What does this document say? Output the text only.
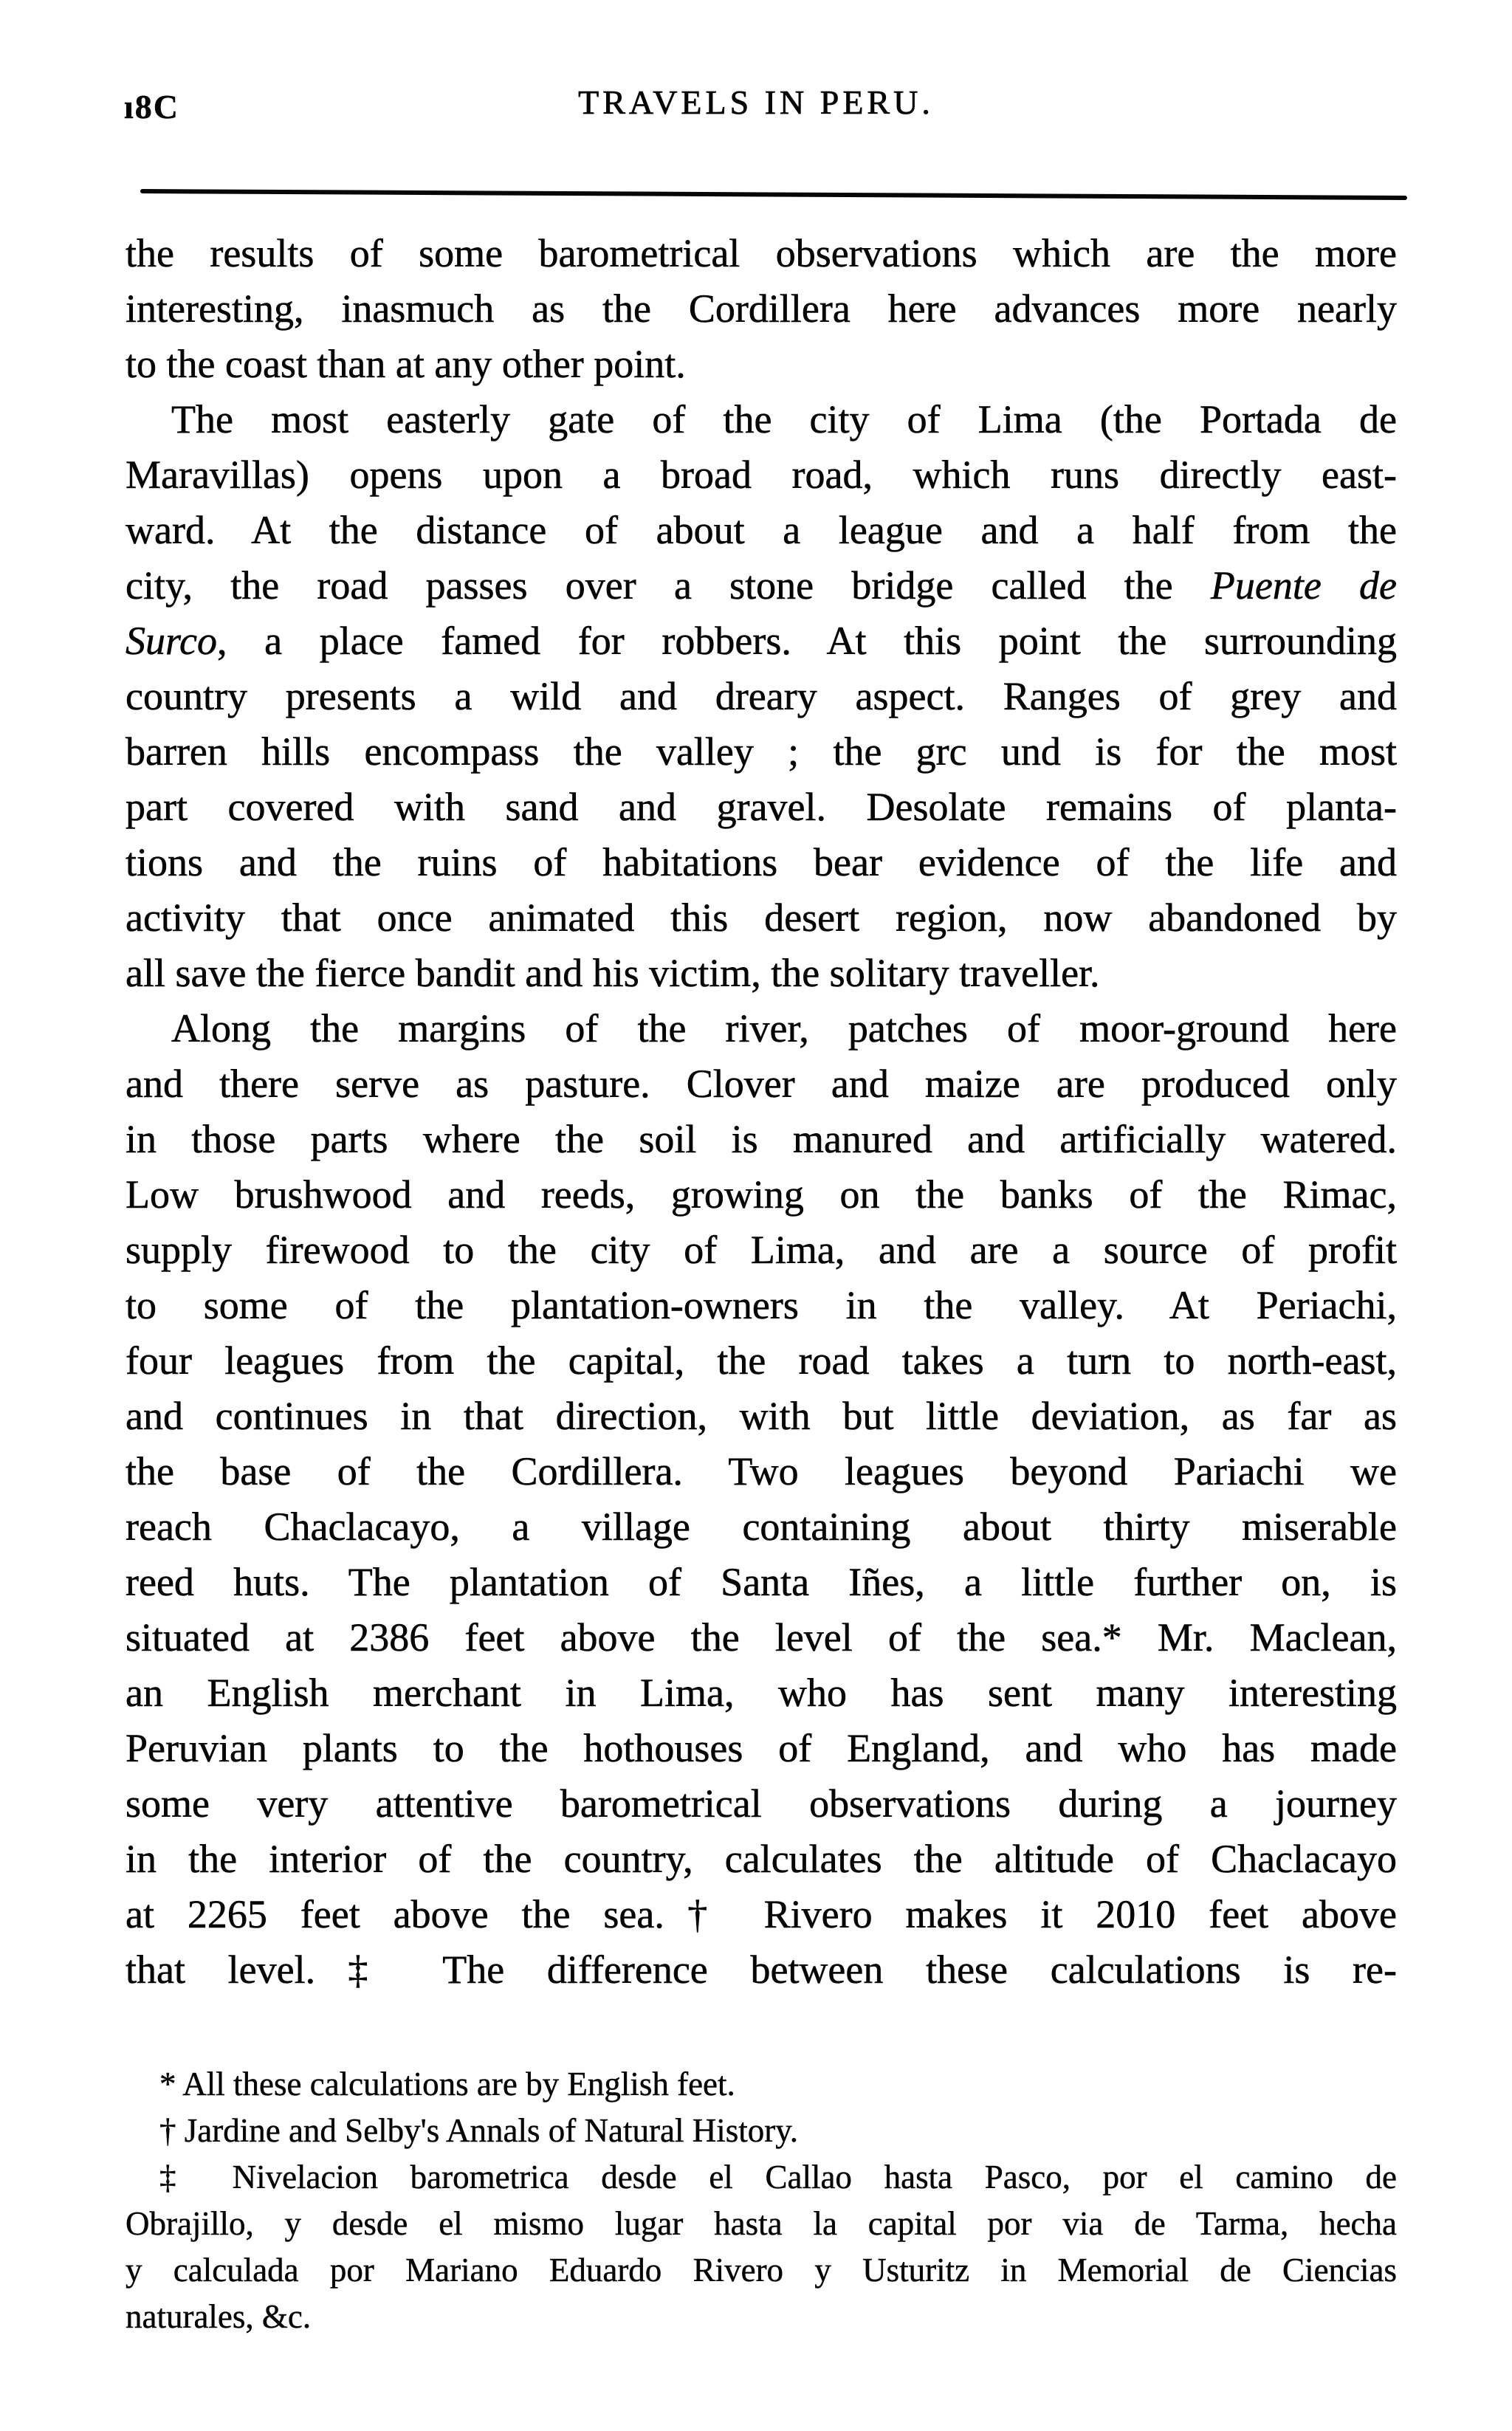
ı8C	TRAVELS IN PERU.
the results of some barometrical observations which are the more
interesting, inasmuch as the Cordillera here advances more nearly
to the coast than at any other point.
The most easterly gate of the city of Lima (the Portada de
Maravillas) opens upon a broad road, which runs directly east-
ward. At the distance of about a league and a half from the
city, the road passes over a stone bridge called the Puente de
Surco, a place famed for robbers. At this point the surrounding
country presents a wild and dreary aspect. Ranges of grey and
barren hills encompass the valley ; the grc und is for the most
part covered with sand and gravel. Desolate remains of planta-
tions and the ruins of habitations bear evidence of the life and
activity that once animated this desert region, now abandoned by
all save the fierce bandit and his victim, the solitary traveller.
Along the margins of the river, patches of moor-ground here
and there serve as pasture. Clover and maize are produced only
in those parts where the soil is manured and artificially watered.
Low brushwood and reeds, growing on the banks of the Rimac,
supply firewood to the city of Lima, and are a source of profit
to some of the plantation-owners in the valley. At Periachi,
four leagues from the capital, the road takes a turn to north-east,
and continues in that direction, with but little deviation, as far as
the base of the Cordillera. Two leagues beyond Pariachi we
reach Chaclacayo, a village containing about thirty miserable
reed huts. The plantation of Santa Iñes, a little further on, is
situated at 2386 feet above the level of the sea.* Mr. Maclean,
an English merchant in Lima, who has sent many interesting
Peruvian plants to the hothouses of England, and who has made
some very attentive barometrical observations during a journey
in the interior of the country, calculates the altitude of Chaclacayo
at 2265 feet above the sea.† Rivero makes it 2010 feet above
that level.‡ The difference between these calculations is re-
* All these calculations are by English feet.
† Jardine and Selby's Annals of Natural History.
‡ Nivelacion barometrica desde el Callao hasta Pasco, por el camino de
Obrajillo, y desde el mismo lugar hasta la capital por via de Tarma, hecha
y calculada por Mariano Eduardo Rivero y Usturitz in Memorial de Ciencias
naturales, &c.
